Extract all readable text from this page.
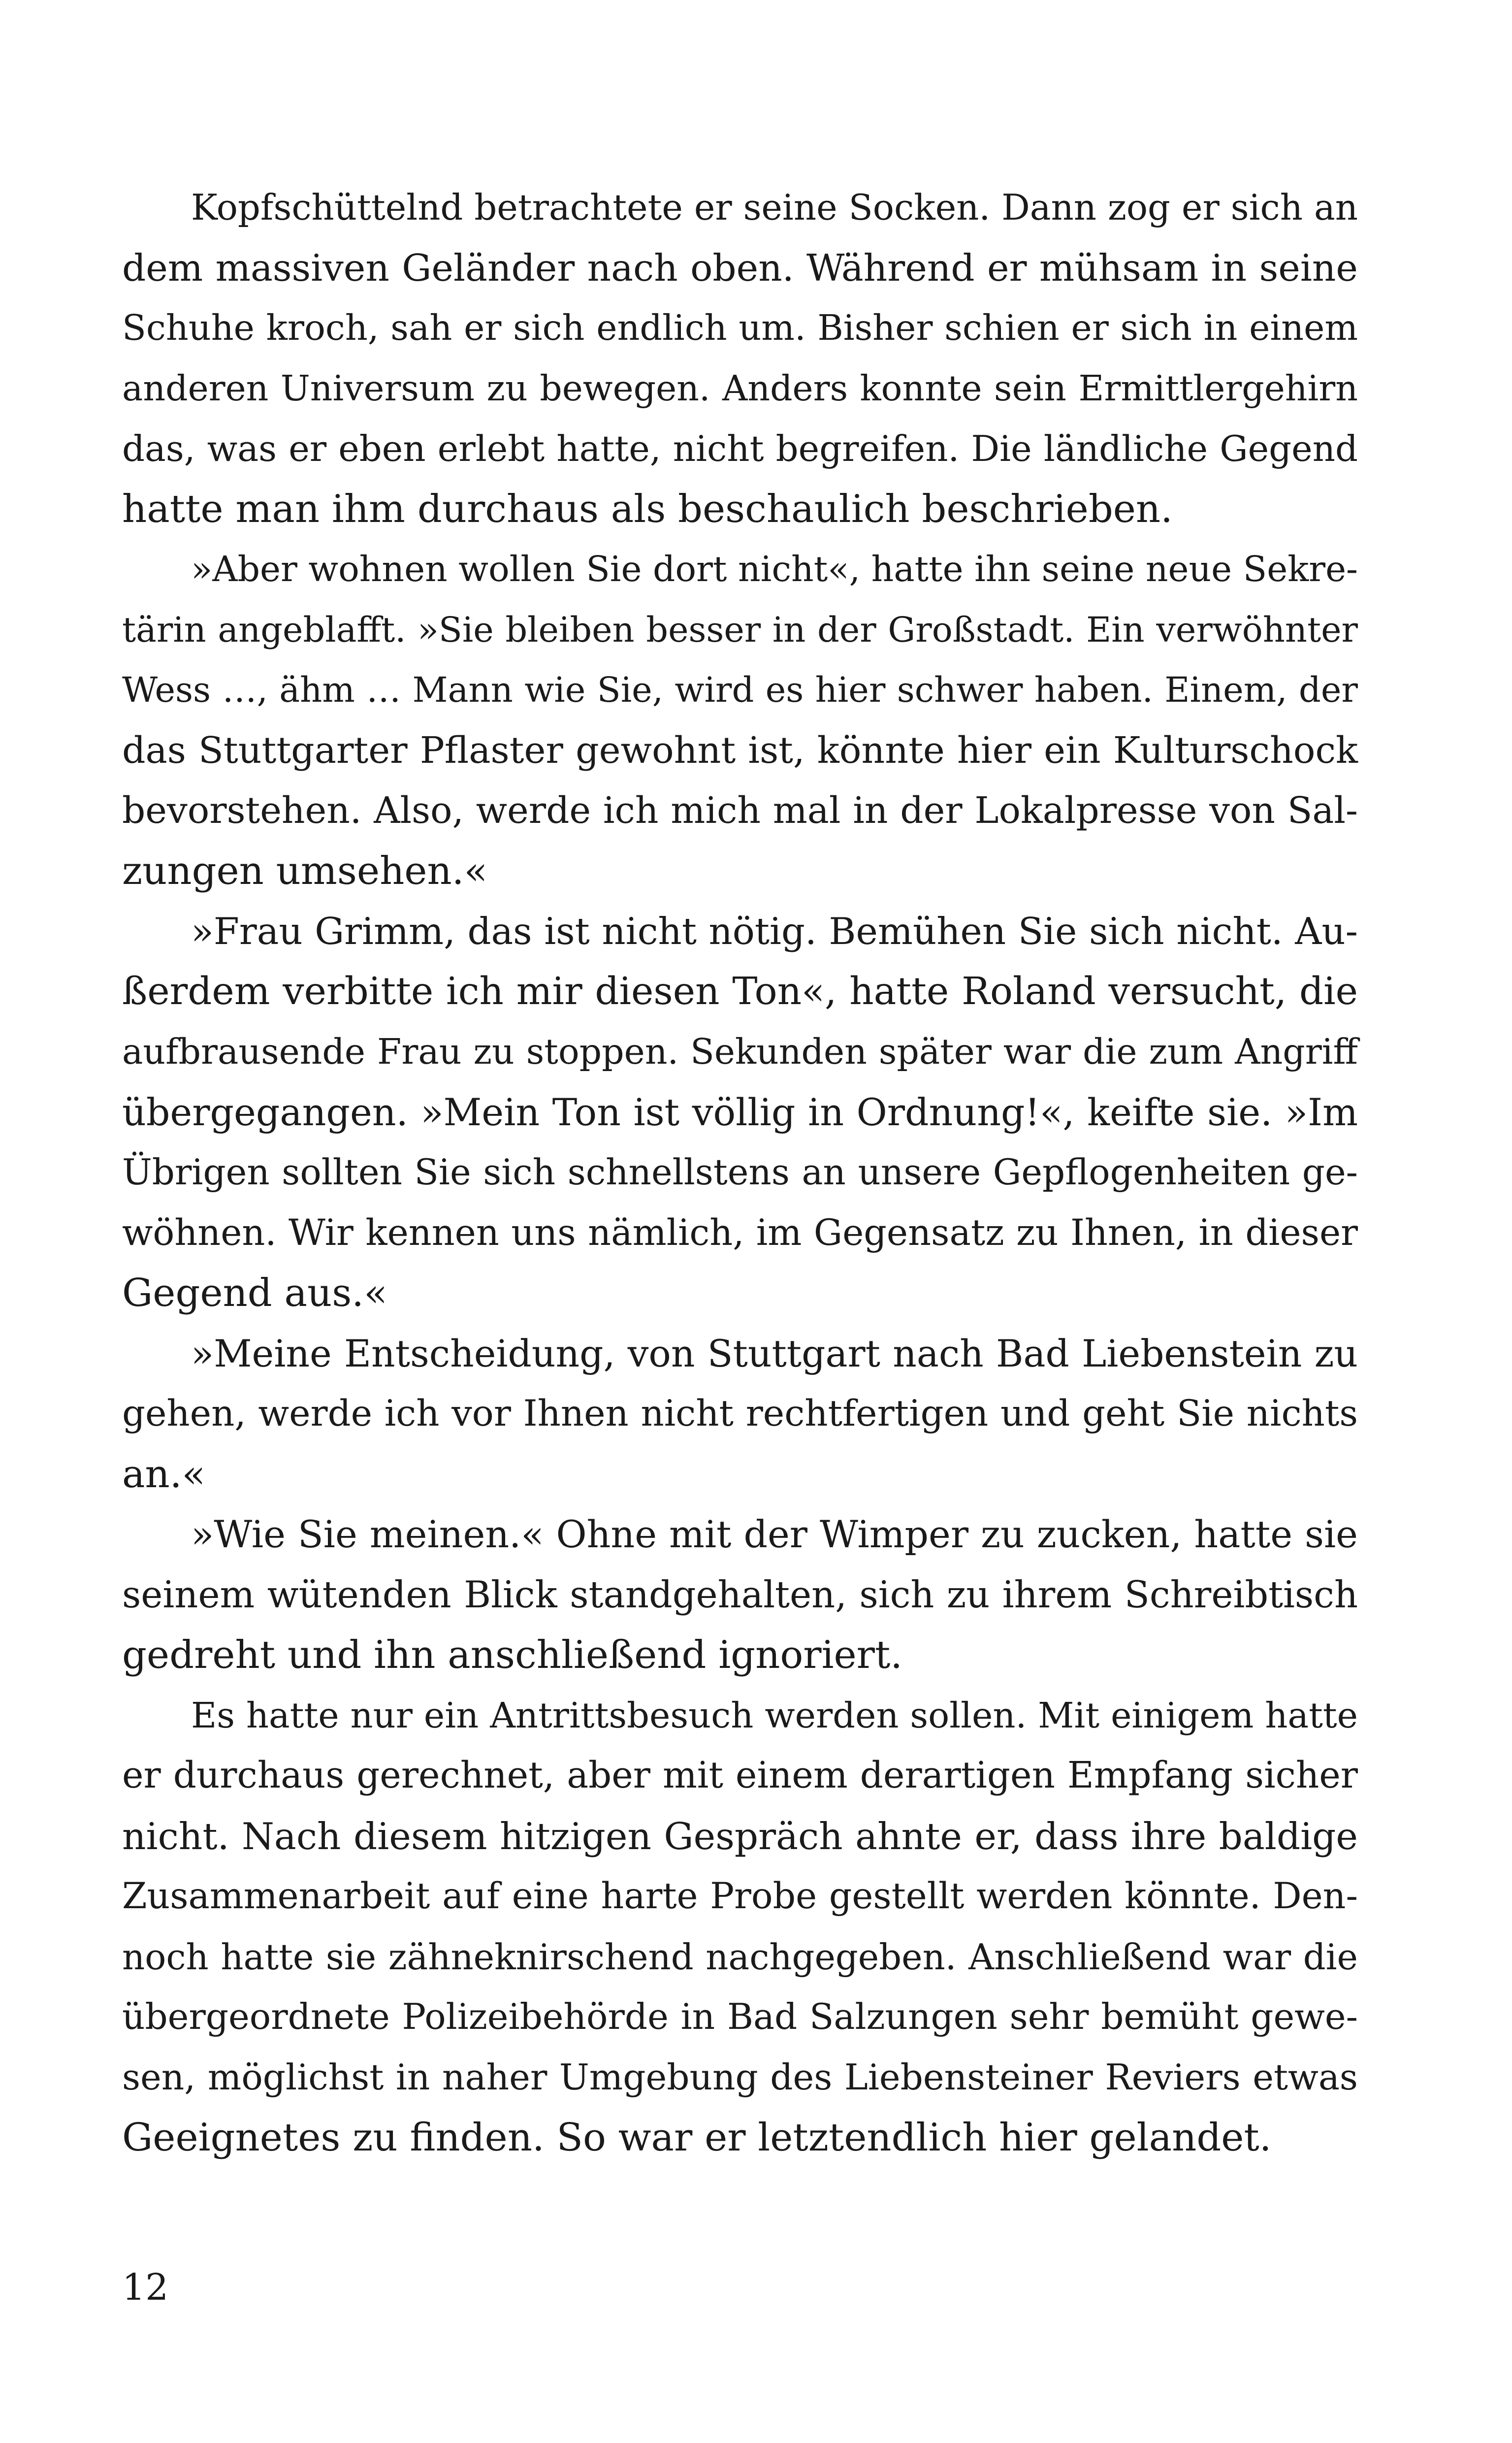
Kopfschüttelnd betrachtete er seine Socken. Dann zog er sich an
dem massiven Geländer nach oben. Während er mühsam in seine
Schuhe kroch, sah er sich endlich um. Bisher schien er sich in einem
anderen Universum zu bewegen. Anders konnte sein Ermittlergehirn
das, was er eben erlebt hatte, nicht begreifen. Die ländliche Gegend
hatte man ihm durchaus als beschaulich beschrieben.
»Aber wohnen wollen Sie dort nicht«, hatte ihn seine neue Sekre-
tärin angeblafft. »Sie bleiben besser in der Großstadt. Ein verwöhnter
Wess …, ähm … Mann wie Sie, wird es hier schwer haben. Einem, der
das Stuttgarter Pflaster gewohnt ist, könnte hier ein Kulturschock
bevorstehen. Also, werde ich mich mal in der Lokalpresse von Sal-
zungen umsehen.«
»Frau Grimm, das ist nicht nötig. Bemühen Sie sich nicht. Au-
ßerdem verbitte ich mir diesen Ton«, hatte Roland versucht, die
aufbrausende Frau zu stoppen. Sekunden später war die zum Angriff
übergegangen. »Mein Ton ist völlig in Ordnung!«, keifte sie. »Im
Übrigen sollten Sie sich schnellstens an unsere Gepflogenheiten ge-
wöhnen. Wir kennen uns nämlich, im Gegensatz zu Ihnen, in dieser
Gegend aus.«
»Meine Entscheidung, von Stuttgart nach Bad Liebenstein zu
gehen, werde ich vor Ihnen nicht rechtfertigen und geht Sie nichts
an.«
»Wie Sie meinen.« Ohne mit der Wimper zu zucken, hatte sie
seinem wütenden Blick standgehalten, sich zu ihrem Schreibtisch
gedreht und ihn anschließend ignoriert.
Es hatte nur ein Antrittsbesuch werden sollen. Mit einigem hatte
er durchaus gerechnet, aber mit einem derartigen Empfang sicher
nicht. Nach diesem hitzigen Gespräch ahnte er, dass ihre baldige
Zusammenarbeit auf eine harte Probe gestellt werden könnte. Den-
noch hatte sie zähneknirschend nachgegeben. Anschließend war die
übergeordnete Polizeibehörde in Bad Salzungen sehr bemüht gewe-
sen, möglichst in naher Umgebung des Liebensteiner Reviers etwas
Geeignetes zu finden. So war er letztendlich hier gelandet.
12
